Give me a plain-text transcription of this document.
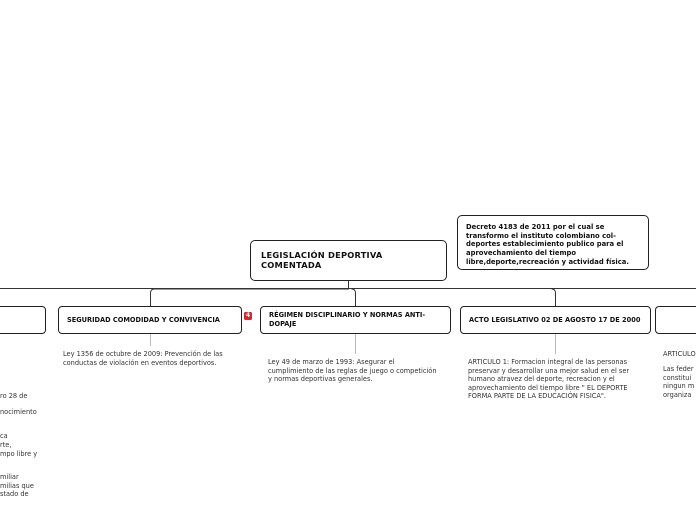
LEGISLACIÓN DEPORTIVA COMENTADA
Decreto 4183 de 2011 por el cual se transformo el instituto colombiano col-deportes establecimiento publico para el aprovechamiento del tiempo libre,deporte,recreación y actividad física.
SEGURIDAD COMODIDAD Y CONVIVENCIA
4	RÉGIMEN DISCIPLINARIO Y NORMAS ANTI-DOPAJE
ACTO LEGISLATIVO 02 DE AGOSTO 17 DE 2000
Ley 1356 de octubre de 2009: Prevención de las conductas de violación en eventos deportivos.	Ley 49 de marzo de 1993: Asegurar el cumplimiento de las reglas de juego o competición y normas deportivas generales.
ARTICULO 1: Formacion integral de las personas preservar y desarrollar una mejor salud en el ser humano atravez del deporte, recreacion y el aprovechamiento del tiempo libre " EL DEPORTE FORMA PARTE DE LA EDUCACIÓN FISICA".
ARTICULO
Las feder
constitui
ningun m
organiza
ro 28 de
nocimiento
ca
rte,
mpo libre y
miliar
milias que
stado de
